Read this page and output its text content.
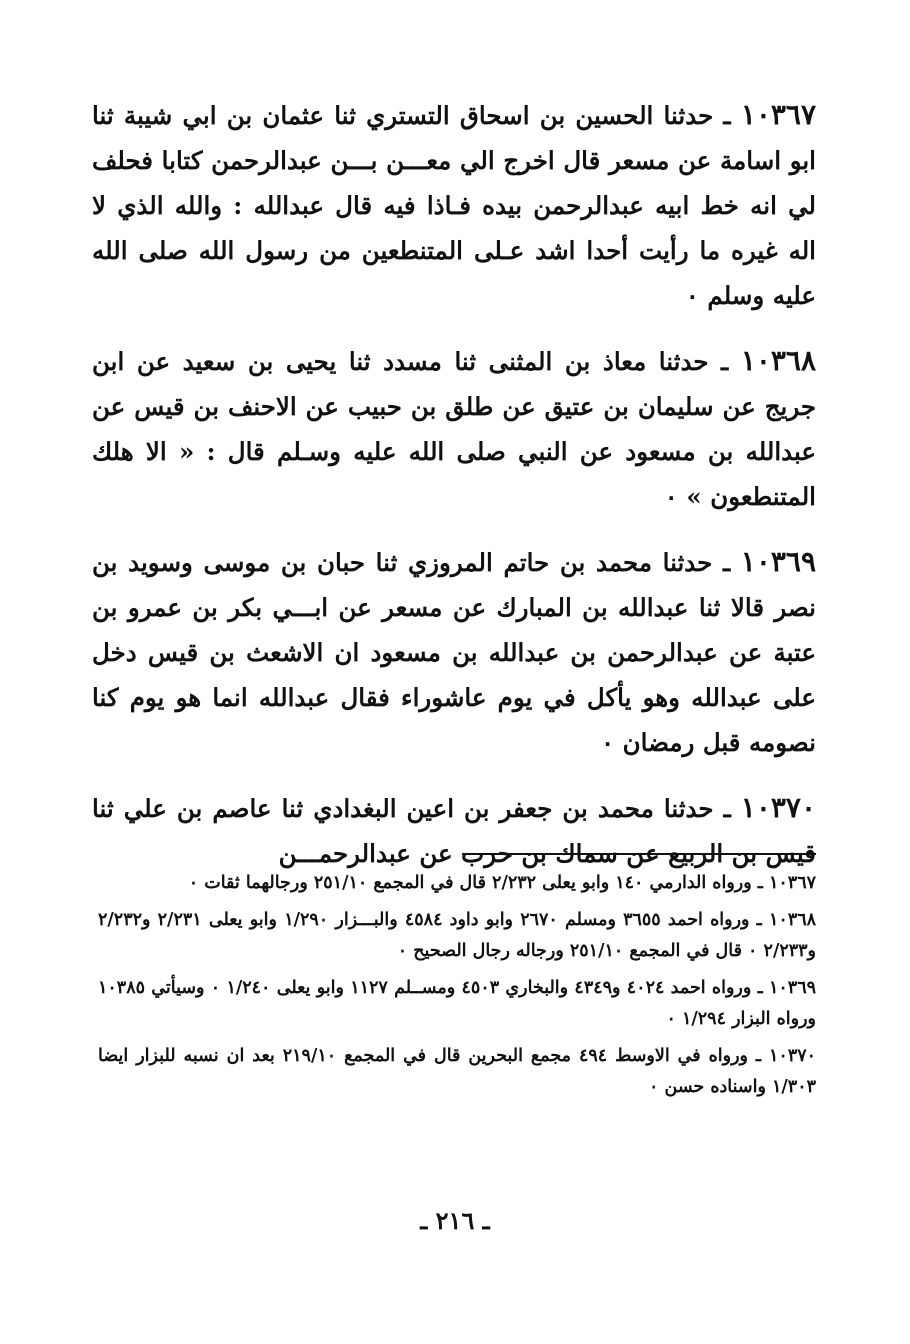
١٠٣٦٧ ـ حدثنا الحسين بن اسحاق التستري ثنا عثمان بن ابي شيبة ثنا ابو اسامة عن مسعر قال اخرج الي معـــن بـــن عبدالرحمن كتابا فحلف لي انه خط ابيه عبدالرحمن بيده فـاذا فيه قال عبدالله : والله الذي لا اله غيره ما رأيت أحدا اشد عـلى المتنطعين من رسول الله صلى الله عليه وسلم ٠

١٠٣٦٨ ـ حدثنا معاذ بن المثنى ثنا مسدد ثنا يحيى بن سعيد عن ابن جريج عن سليمان بن عتيق عن طلق بن حبيب عن الاحنف بن قيس عن عبدالله بن مسعود عن النبي صلى الله عليه وسـلم قال : « الا هلك المتنطعون » ٠

١٠٣٦٩ ـ حدثنا محمد بن حاتم المروزي ثنا حبان بن موسى وسويد بن نصر قالا ثنا عبدالله بن المبارك عن مسعر عن ابـــي بكر بن عمرو بن عتبة عن عبدالرحمن بن عبدالله بن مسعود ان الاشعث بن قيس دخل على عبدالله وهو يأكل في يوم عاشوراء فقال عبدالله انما هو يوم كنا نصومه قبل رمضان ٠

١٠٣٧٠ ـ حدثنا محمد بن جعفر بن اعين البغدادي ثنا عاصم بن علي ثنا قيس بن الربيع عن سماك بن حرب عن عبدالرحمـــن

١٠٣٦٧ ـ ورواه الدارمي ١٤٠ وابو يعلى ٢/٢٣٢ قال في المجمع ٢٥١/١٠ ورجالهما ثقات ٠

١٠٣٦٨ ـ ورواه احمد ٣٦٥٥ ومسلم ٢٦٧٠ وابو داود ٤٥٨٤ والبـــزار ١/٢٩٠ وابو يعلى ٢/٢٣١ و٢/٢٣٢ و٢/٢٣٣ ٠ قال في المجمع ٢٥١/١٠ ورجاله رجال الصحيح ٠

١٠٣٦٩ ـ ورواه احمد ٤٠٢٤ و٤٣٤٩ والبخاري ٤٥٠٣ ومســلم ١١٢٧ وابو يعلى ١/٢٤٠ ٠ وسيأتي ١٠٣٨٥ ورواه البزار ١/٢٩٤ ٠

١٠٣٧٠ ـ ورواه في الاوسط ٤٩٤ مجمع البحرين قال في المجمع ٢١٩/١٠ بعد ان نسبه للبزار ايضا ١/٣٠٣ واسناده حسن ٠

ـ ٢١٦ ـ
